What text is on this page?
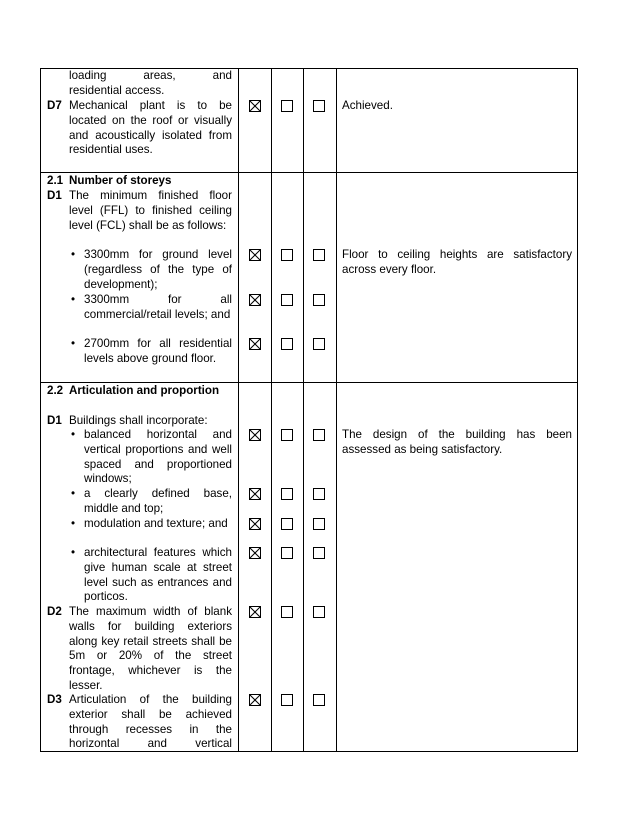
loading	areas,	and
residential access.
D7 Mechanical plant is to be located on the roof or visually and acoustically isolated from residential uses.
Achieved.
2.1 Number of storeys
D1 The minimum finished floor level (FFL) to finished ceiling level (FCL) shall be as follows:
• 3300mm for ground level (regardless of the type of development);
• 3300mm for all commercial/retail levels; and
• 2700mm for all residential levels above ground floor.
Floor to ceiling heights are satisfactory across every floor.
2.2 Articulation and proportion
D1 Buildings shall incorporate:
• balanced horizontal and vertical proportions and well spaced and proportioned windows;
• a clearly defined base, middle and top;
• modulation and texture; and
• architectural features which give human scale at street level such as entrances and porticos.
D2 The maximum width of blank walls for building exteriors along key retail streets shall be 5m or 20% of the street frontage, whichever is the lesser.
D3 Articulation of the building exterior shall be achieved through recesses in the horizontal and vertical
The design of the building has been assessed as being satisfactory.
